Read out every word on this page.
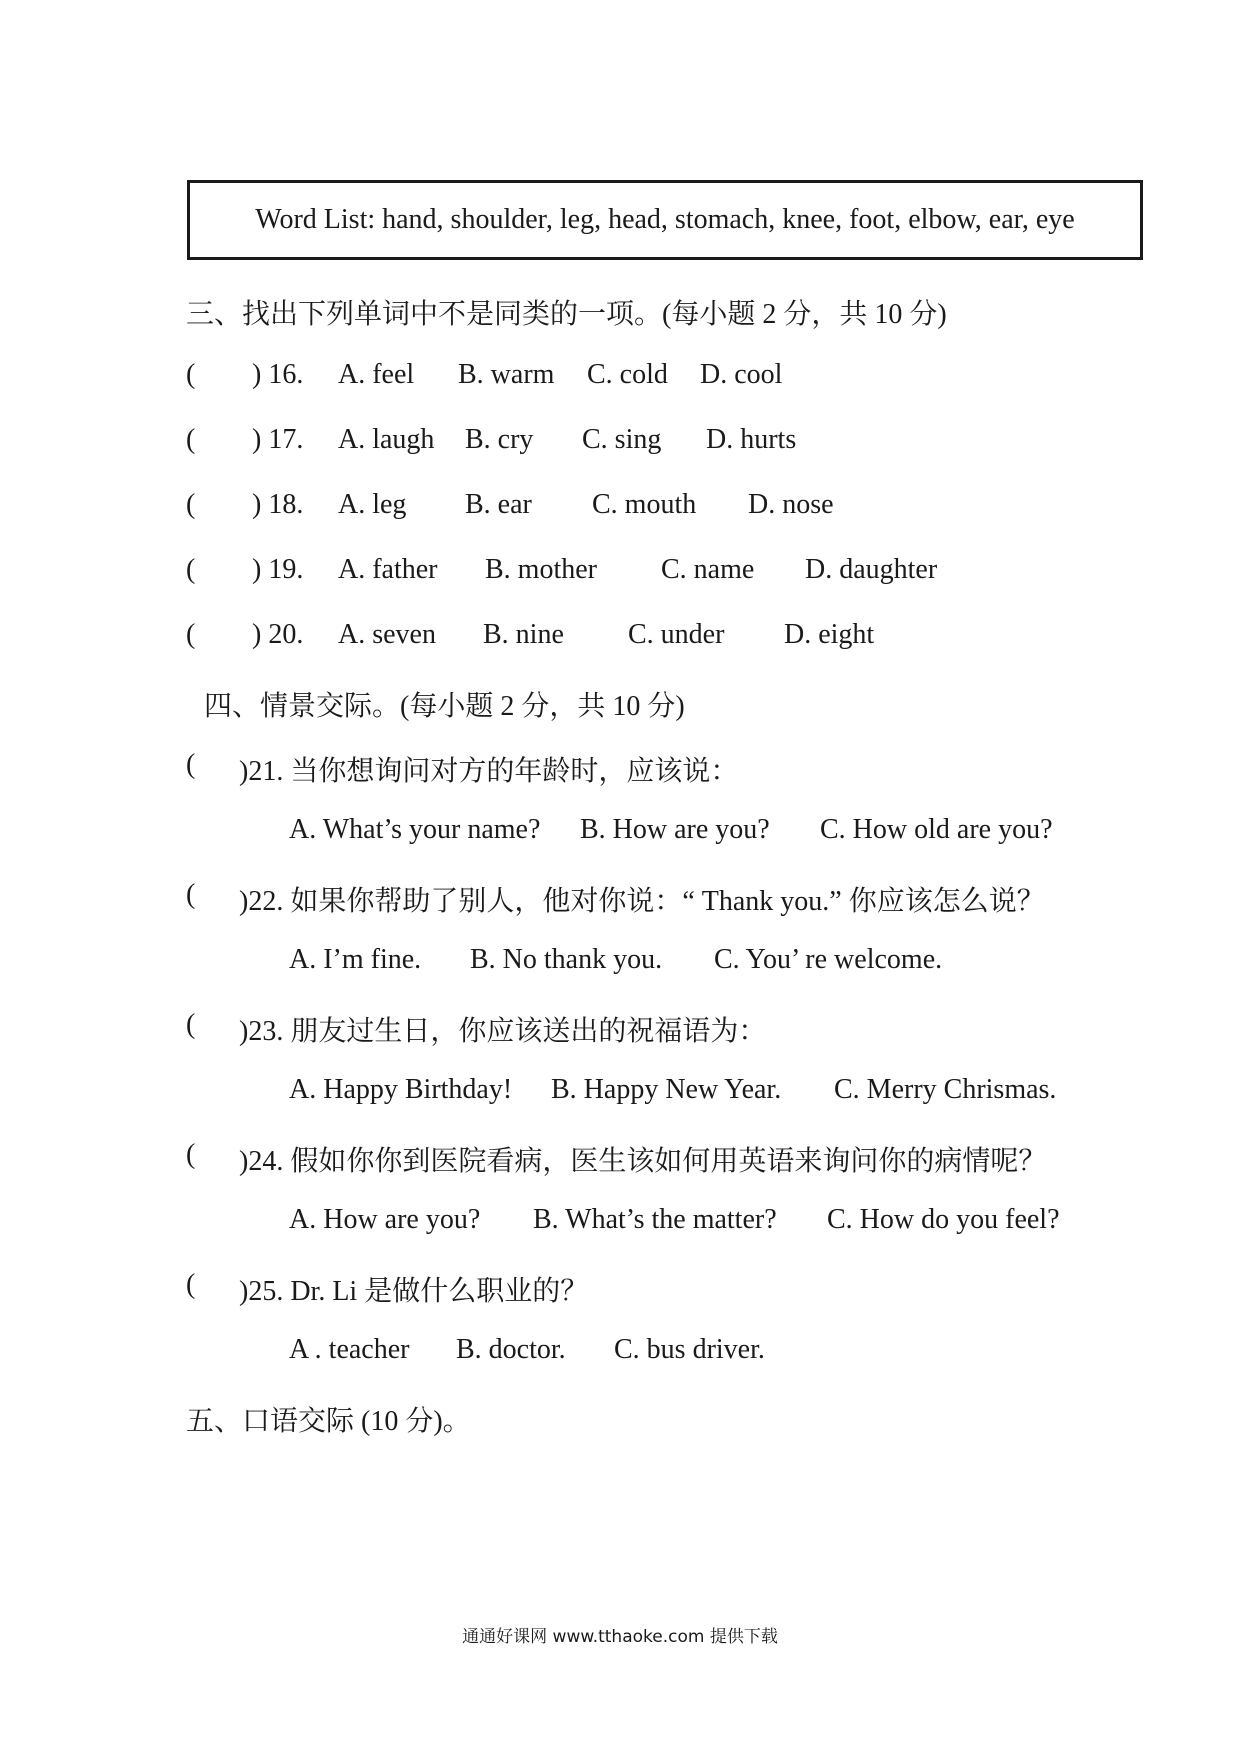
Word List: hand, shoulder, leg, head, stomach, knee, foot, elbow, ear, eye
三、找出下列单词中不是同类的一项。(每小题 2 分，共 10 分)
( ) 16. A. feel B. warm C. cold D. cool
( ) 17. A. laugh B. cry C. sing D. hurts
( ) 18. A. leg B. ear C. mouth D. nose
( ) 19. A. father B. mother C. name D. daughter
( ) 20. A. seven B. nine C. under D. eight
四、情景交际。(每小题 2 分，共 10 分)
( )21. 当你想询问对方的年龄时，应该说：
A. What’s your name? B. How are you? C. How old are you?
( )22. 如果你帮助了别人，他对你说：“ Thank you.” 你应该怎么说？
A. I’m fine. B. No thank you. C. You’ re welcome.
( )23. 朋友过生日，你应该送出的祝福语为：
A. Happy Birthday! B. Happy New Year. C. Merry Chrismas.
( )24. 假如你你到医院看病，医生该如何用英语来询问你的病情呢？
A. How are you? B. What’s the matter? C. How do you feel?
( )25. Dr. Li 是做什么职业的？
A . teacher B. doctor. C. bus driver.
五、口语交际 (10 分)。
通通好课网 www.tthaoke.com 提供下载
